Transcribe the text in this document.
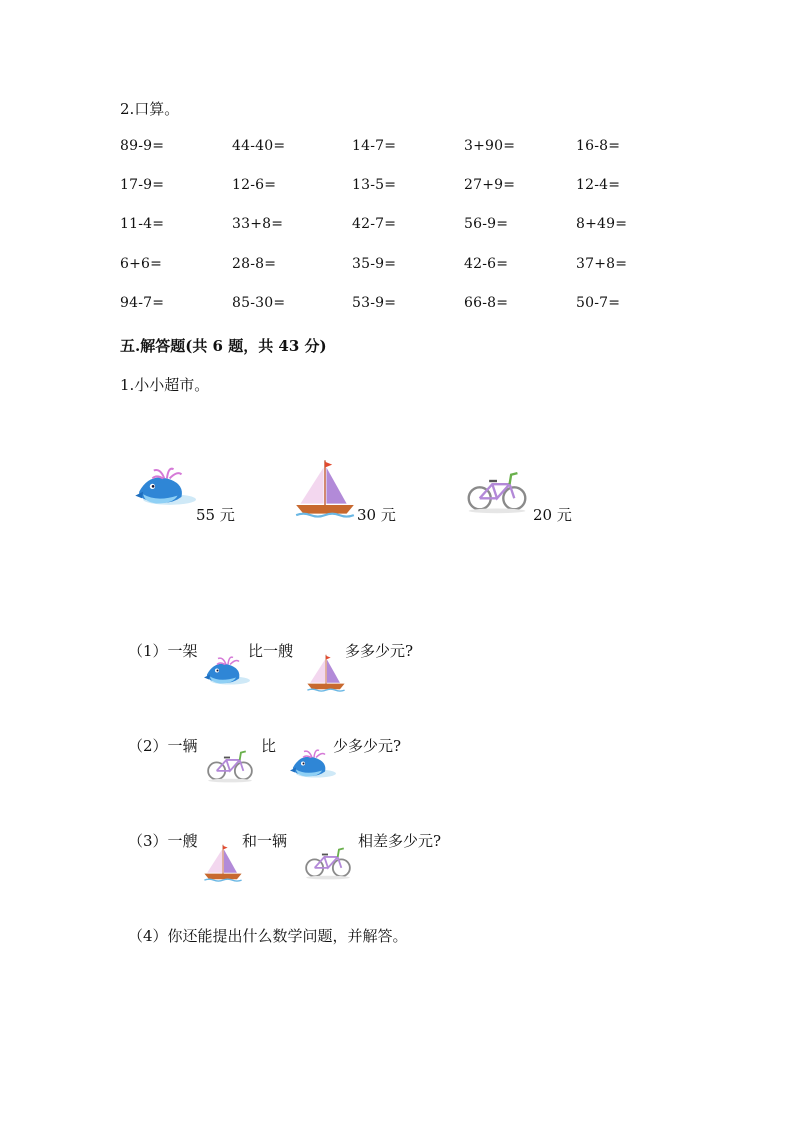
2.口算。
89-9=	44-40=	14-7=	3+90=	16-8=
17-9=	12-6=	13-5=	27+9=	12-4=
11-4=	33+8=	42-7=	56-9=	8+49=
6+6=	28-8=	35-9=	42-6=	37+8=
94-7=	85-30=	53-9=	66-8=	50-7=
五.解答题(共 6 题，共 43 分)
1.小小超市。
55 元	30 元	20 元
（1）一架	比一艘	多多少元?
（2）一辆	比	少多少元?
（3）一艘	和一辆	相差多少元?
（4）你还能提出什么数学问题，并解答。
